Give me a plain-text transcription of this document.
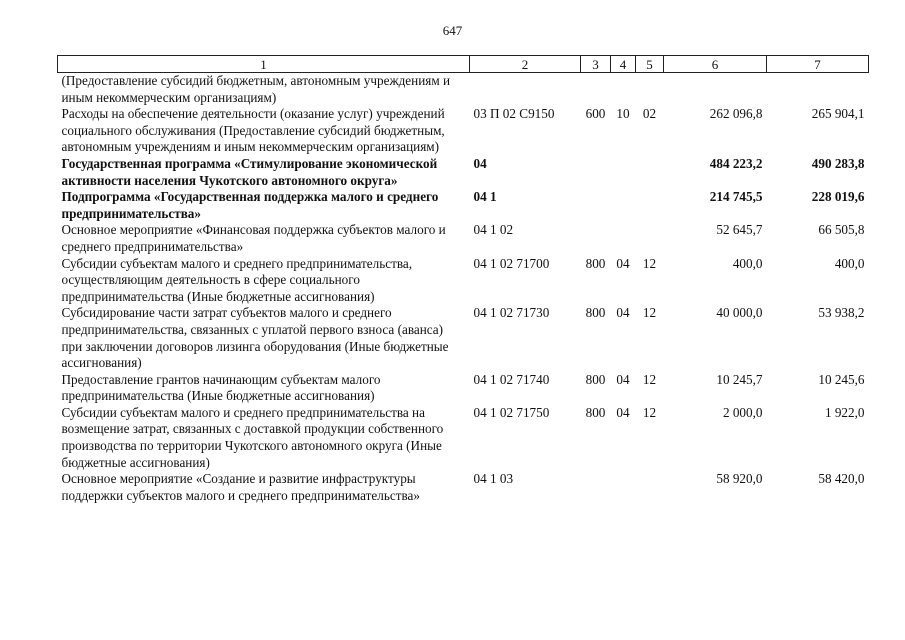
647
1	2	3	4	5	6	7
(Предоставление субсидий бюджетным, автономным учреждениям и иным некоммерческим организациям)						
Расходы на обеспечение деятельности (оказание услуг) учреждений социального обслуживания (Предоставление субсидий бюджетным, автономным учреждениям и иным некоммерческим организациям)	03 П 02 С9150	600	10	02	262 096,8	265 904,1
Государственная программа «Стимулирование экономической активности населения Чукотского автономного округа»	04				484 223,2	490 283,8
Подпрограмма «Государственная поддержка малого и среднего предпринимательства»	04 1				214 745,5	228 019,6
Основное мероприятие «Финансовая поддержка субъектов малого и среднего предпринимательства»	04 1 02				52 645,7	66 505,8
Субсидии субъектам малого и среднего предпринимательства, осуществляющим деятельность в сфере социального предпринимательства (Иные бюджетные ассигнования)	04 1 02 71700	800	04	12	400,0	400,0
Субсидирование части затрат субъектов малого и среднего предпринимательства, связанных с уплатой первого взноса (аванса) при заключении договоров лизинга оборудования (Иные бюджетные ассигнования)	04 1 02 71730	800	04	12	40 000,0	53 938,2
Предоставление грантов начинающим субъектам малого предпринимательства (Иные бюджетные ассигнования)	04 1 02 71740	800	04	12	10 245,7	10 245,6
Субсидии субъектам малого и среднего предпринимательства на возмещение затрат, связанных с доставкой продукции собственного производства по территории Чукотского автономного округа (Иные бюджетные ассигнования)	04 1 02 71750	800	04	12	2 000,0	1 922,0
Основное мероприятие «Создание и развитие инфраструктуры поддержки субъектов малого и среднего предпринимательства»	04 1 03				58 920,0	58 420,0
